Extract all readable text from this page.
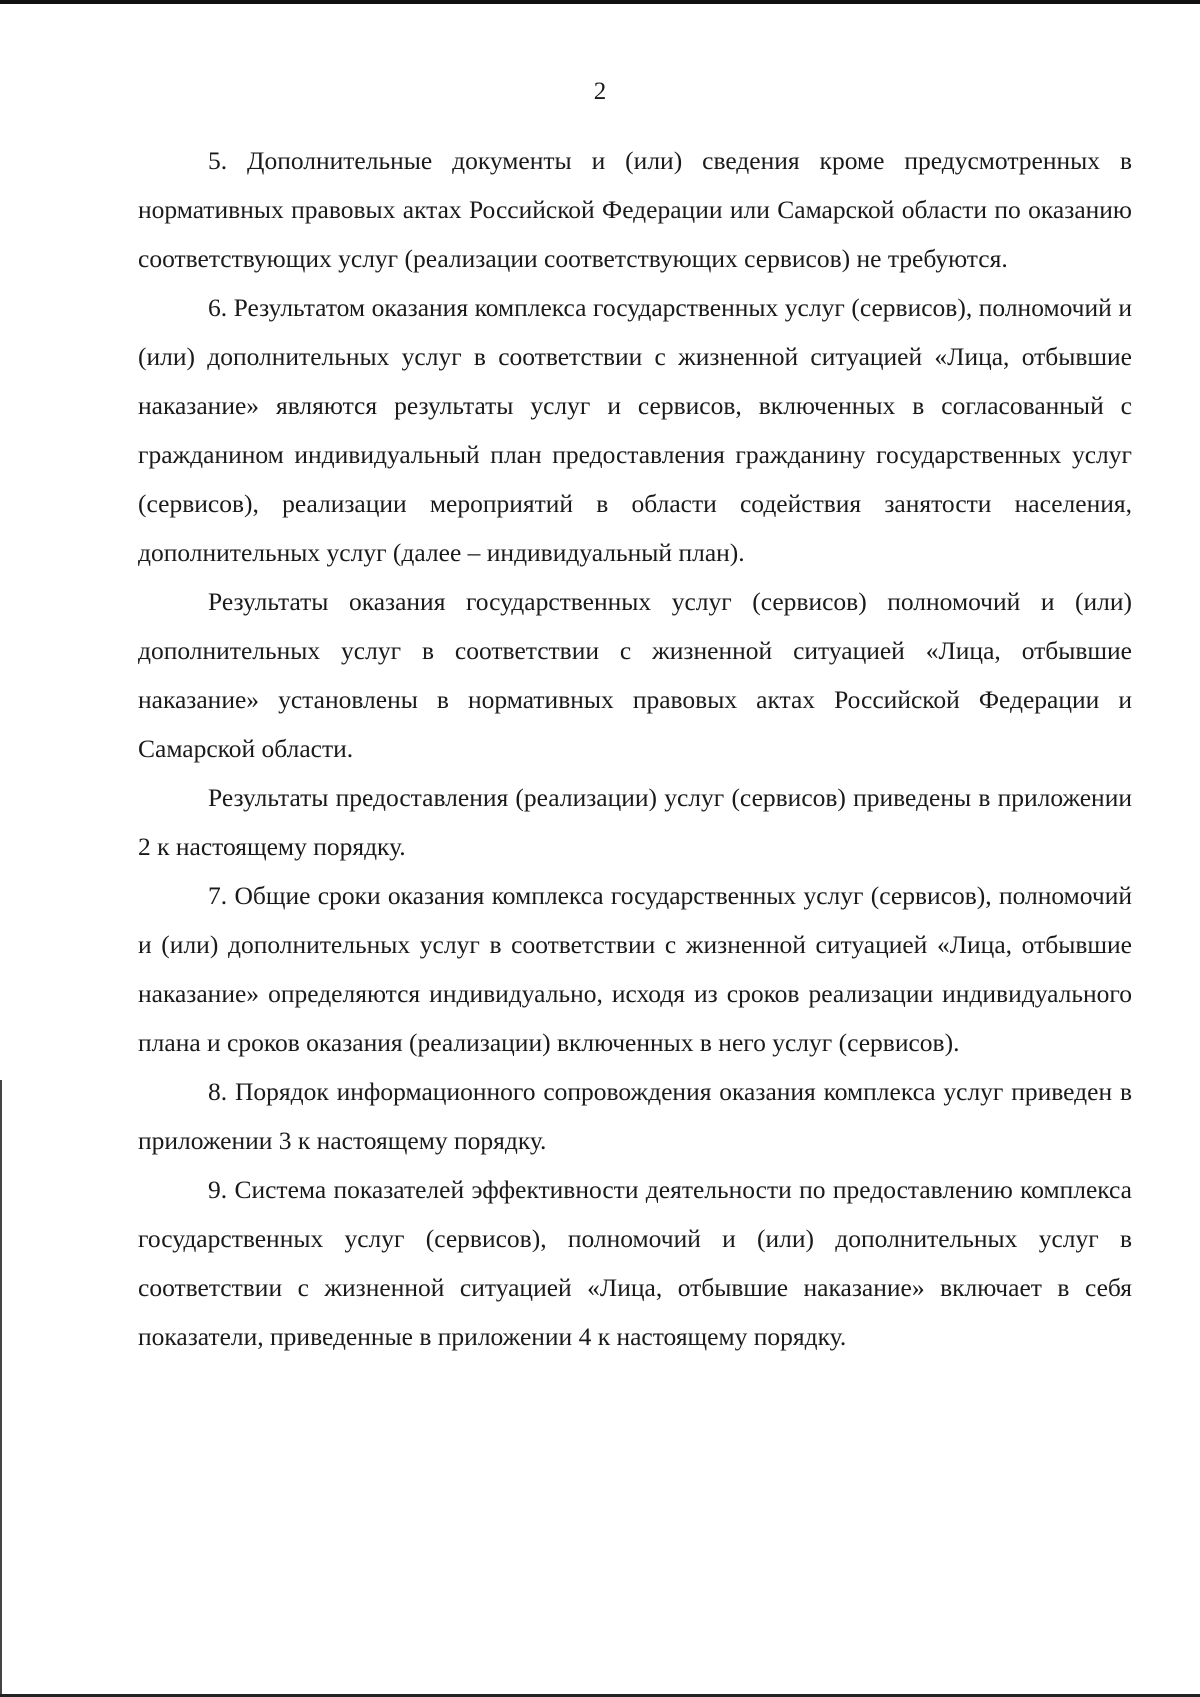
2

5. Дополнительные документы и (или) сведения кроме предусмотренных в нормативных правовых актах Российской Федерации или Самарской области по оказанию соответствующих услуг (реализации соответствующих сервисов) не требуются.

6. Результатом оказания комплекса государственных услуг (сервисов), полномочий и (или) дополнительных услуг в соответствии с жизненной ситуацией «Лица, отбывшие наказание» являются результаты услуг и сервисов, включенных в согласованный с гражданином индивидуальный план предоставления гражданину государственных услуг (сервисов), реализации мероприятий в области содействия занятости населения, дополнительных услуг (далее – индивидуальный план).

Результаты оказания государственных услуг (сервисов) полномочий и (или) дополнительных услуг в соответствии с жизненной ситуацией «Лица, отбывшие наказание» установлены в нормативных правовых актах Российской Федерации и Самарской области.

Результаты предоставления (реализации) услуг (сервисов) приведены в приложении 2 к настоящему порядку.

7. Общие сроки оказания комплекса государственных услуг (сервисов), полномочий и (или) дополнительных услуг в соответствии с жизненной ситуацией «Лица, отбывшие наказание» определяются индивидуально, исходя из сроков реализации индивидуального плана и сроков оказания (реализации) включенных в него услуг (сервисов).

8. Порядок информационного сопровождения оказания комплекса услуг приведен в приложении 3 к настоящему порядку.

9. Система показателей эффективности деятельности по предоставлению комплекса государственных услуг (сервисов), полномочий и (или) дополнительных услуг в соответствии с жизненной ситуацией «Лица, отбывшие наказание» включает в себя показатели, приведенные в приложении 4 к настоящему порядку.
